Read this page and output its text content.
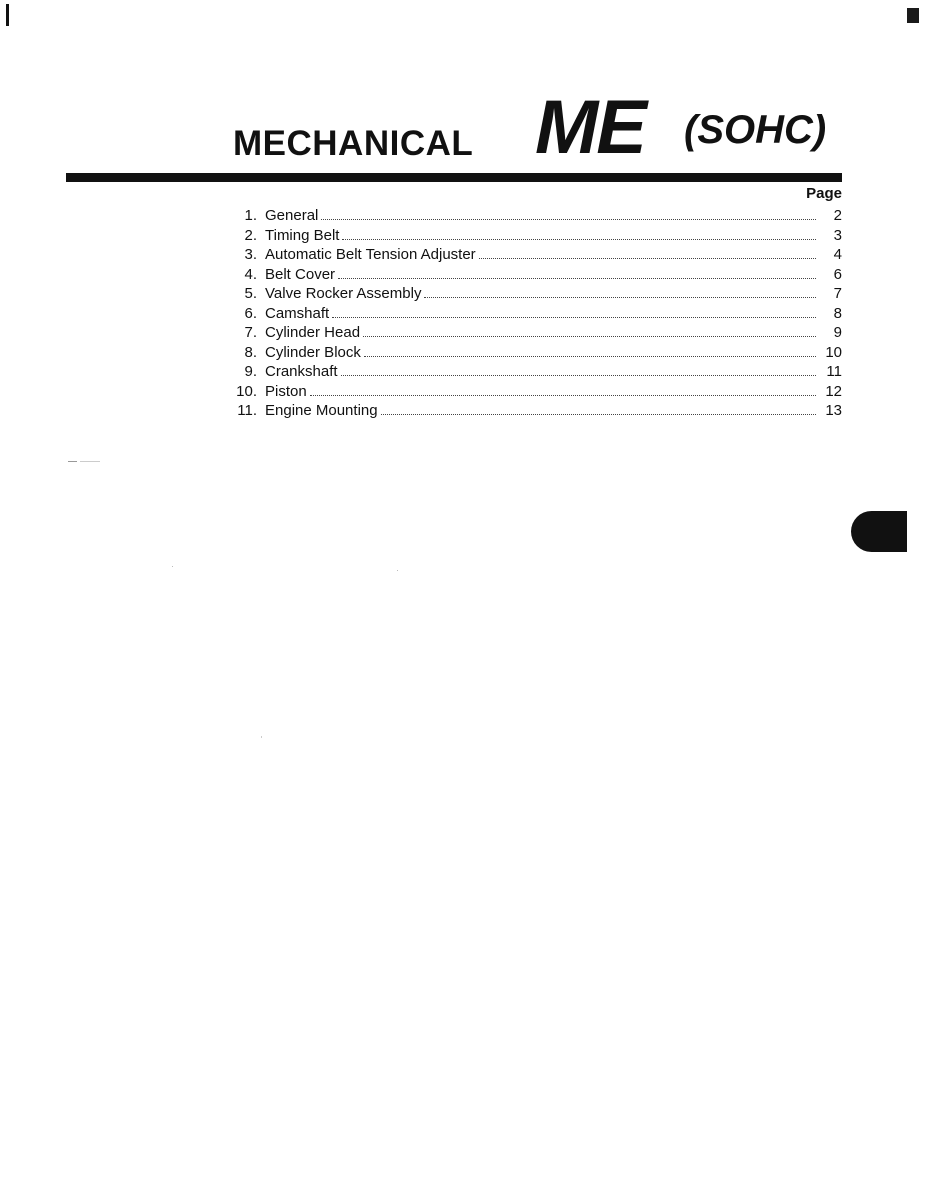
MECHANICAL ME (SOHC)
Page
1. General	2
2. Timing Belt	3
3. Automatic Belt Tension Adjuster	4
4. Belt Cover	6
5. Valve Rocker Assembly	7
6. Camshaft	8
7. Cylinder Head	9
8. Cylinder Block	10
9. Crankshaft	11
10. Piston	12
11. Engine Mounting	13
